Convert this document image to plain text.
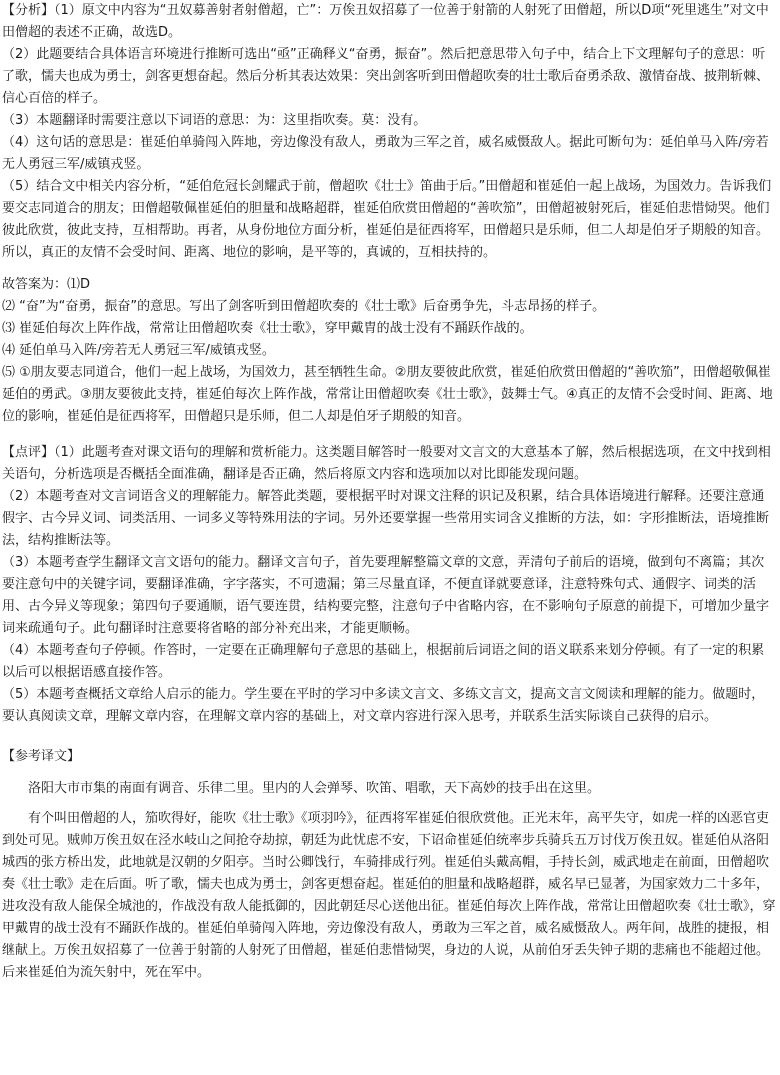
【分析】（1）原文中内容为“丑奴募善射者射僧超，亡”：万俟丑奴招募了一位善于射箭的人射死了田僧超，所以D项“死里逃生”对文中田僧超的表述不正确，故选D。

（2）此题要结合具体语言环境进行推断可选出“亟”正确释义“奋勇，振奋”。然后把意思带入句子中，结合上下文理解句子的意思：听了歌，懦夫也成为勇士，剑客更想奋起。然后分析其表达效果：突出剑客听到田僧超吹奏的壮士歌后奋勇杀敌、激情奋战、披荆斩棘、信心百倍的样子。

（3）本题翻译时需要注意以下词语的意思：为：这里指吹奏。莫：没有。

（4）这句话的意思是：崔延伯单骑闯入阵地，旁边像没有敌人，勇敢为三军之首，威名威慑敌人。据此可断句为：延伯单马入阵/旁若无人勇冠三军/威镇戎竖。

（5）结合文中相关内容分析，“延伯危冠长剑耀武于前，僧超吹《壮士》笛曲于后。”田僧超和崔延伯一起上战场，为国效力。告诉我们要交志同道合的朋友；田僧超敬佩崔延伯的胆量和战略超群，崔延伯欣赏田僧超的“善吹笳”，田僧超被射死后，崔延伯悲惜恸哭。他们彼此欣赏，彼此支持，互相帮助。再者，从身份地位方面分析，崔延伯是征西将军，田僧超只是乐师，但二人却是伯牙子期般的知音。所以，真正的友情不会受时间、距离、地位的影响，是平等的，真诚的，互相扶持的。

故答案为：⑴D

⑵ “奋”为“奋勇，振奋”的意思。写出了剑客听到田僧超吹奏的《壮士歌》后奋勇争先，斗志昂扬的样子。

⑶ 崔延伯每次上阵作战，常常让田僧超吹奏《壮士歌》，穿甲戴胄的战士没有不踊跃作战的。

⑷ 延伯单马入阵/旁若无人勇冠三军/威镇戎竖。

⑸ ①朋友要志同道合，他们一起上战场，为国效力，甚至牺牲生命。②朋友要彼此欣赏，崔延伯欣赏田僧超的“善吹笳”，田僧超敬佩崔延伯的勇武。③朋友要彼此支持，崔延伯每次上阵作战，常常让田僧超吹奏《壮士歌》，鼓舞士气。④真正的友情不会受时间、距离、地位的影响，崔延伯是征西将军，田僧超只是乐师，但二人却是伯牙子期般的知音。

【点评】（1）此题考查对课文语句的理解和赏析能力。这类题目解答时一般要对文言文的大意基本了解，然后根据选项，在文中找到相关语句，分析选项是否概括全面准确，翻译是否正确，然后将原文内容和选项加以对比即能发现问题。

（2）本题考查对文言词语含义的理解能力。解答此类题，要根据平时对课文注释的识记及积累，结合具体语境进行解释。还要注意通假字、古今异义词、词类活用、一词多义等特殊用法的字词。另外还要掌握一些常用实词含义推断的方法，如：字形推断法，语境推断法，结构推断法等。

（3）本题考查学生翻译文言文语句的能力。翻译文言句子，首先要理解整篇文章的文意，弄清句子前后的语境，做到句不离篇；其次要注意句中的关键字词，要翻译准确，字字落实，不可遗漏；第三尽量直译，不便直译就要意译，注意特殊句式、通假字、词类的活用、古今异义等现象；第四句子要通顺，语气要连贯，结构要完整，注意句子中省略内容，在不影响句子原意的前提下，可增加少量字词来疏通句子。此句翻译时注意要将省略的部分补充出来，才能更顺畅。

（4）本题考查句子停顿。作答时，一定要在正确理解句子意思的基础上，根据前后词语之间的语义联系来划分停顿。有了一定的积累以后可以根据语感直接作答。

（5）本题考查概括文章给人启示的能力。学生要在平时的学习中多读文言文、多练文言文，提高文言文阅读和理解的能力。做题时，要认真阅读文章，理解文章内容，在理解文章内容的基础上，对文章内容进行深入思考，并联系生活实际谈自己获得的启示。

【参考译文】

洛阳大市市集的南面有调音、乐律二里。里内的人会弹琴、吹笛、唱歌，天下高妙的技手出在这里。

有个叫田僧超的人，笳吹得好，能吹《壮士歌》《项羽吟》，征西将军崔延伯很欣赏他。正光末年，高平失守，如虎一样的凶恶官吏到处可见。贼帅万俟丑奴在泾水岐山之间抢夺劫掠，朝廷为此忧虑不安，下诏命崔延伯统率步兵骑兵五万讨伐万俟丑奴。崔延伯从洛阳城西的张方桥出发，此地就是汉朝的夕阳亭。当时公卿饯行，车骑排成行列。崔延伯头戴高帽，手持长剑，威武地走在前面，田僧超吹奏《壮士歌》走在后面。听了歌，懦夫也成为勇士，剑客更想奋起。崔延伯的胆量和战略超群，威名早已显著，为国家效力二十多年，进攻没有敌人能保全城池的，作战没有敌人能抵御的，因此朝廷尽心送他出征。崔延伯每次上阵作战，常常让田僧超吹奏《壮士歌》，穿甲戴胄的战士没有不踊跃作战的。崔延伯单骑闯入阵地，旁边像没有敌人，勇敢为三军之首，威名威慑敌人。两年间，战胜的捷报，相继献上。万俟丑奴招募了一位善于射箭的人射死了田僧超，崔延伯悲惜恸哭，身边的人说，从前伯牙丢失钟子期的悲痛也不能超过他。后来崔延伯为流矢射中，死在军中。
